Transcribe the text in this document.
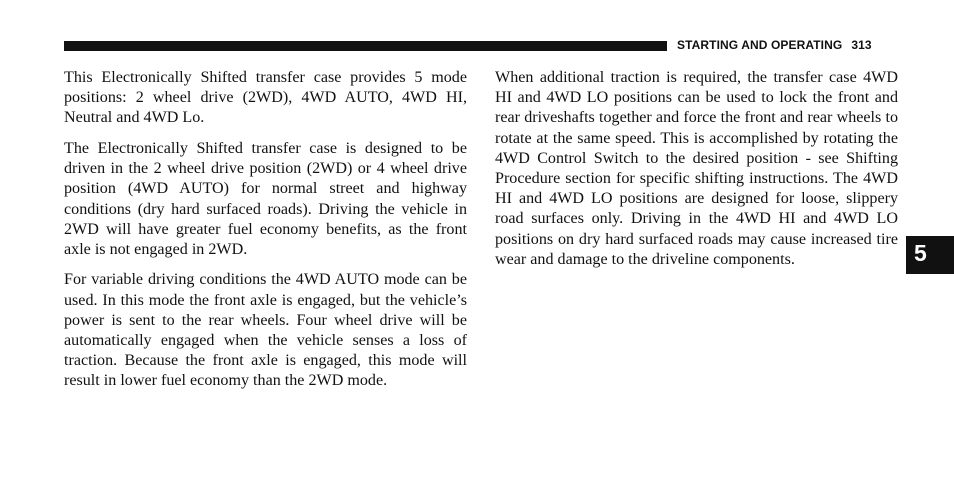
STARTING AND OPERATING 313

This Electronically Shifted transfer case provides 5 mode positions: 2 wheel drive (2WD), 4WD AUTO, 4WD HI, Neutral and 4WD Lo.

The Electronically Shifted transfer case is designed to be driven in the 2 wheel drive position (2WD) or 4 wheel drive position (4WD AUTO) for normal street and highway conditions (dry hard surfaced roads). Driving the vehicle in 2WD will have greater fuel economy benefits, as the front axle is not engaged in 2WD.

For variable driving conditions the 4WD AUTO mode can be used. In this mode the front axle is engaged, but the vehicle’s power is sent to the rear wheels. Four wheel drive will be automatically engaged when the vehicle senses a loss of traction. Because the front axle is engaged, this mode will result in lower fuel economy than the 2WD mode.

When additional traction is required, the transfer case 4WD HI and 4WD LO positions can be used to lock the front and rear driveshafts together and force the front and rear wheels to rotate at the same speed. This is accomplished by rotating the 4WD Control Switch to the desired position - see Shifting Procedure section for specific shifting instructions. The 4WD HI and 4WD LO positions are designed for loose, slippery road surfaces only. Driving in the 4WD HI and 4WD LO positions on dry hard surfaced roads may cause increased tire wear and damage to the driveline components.	5
